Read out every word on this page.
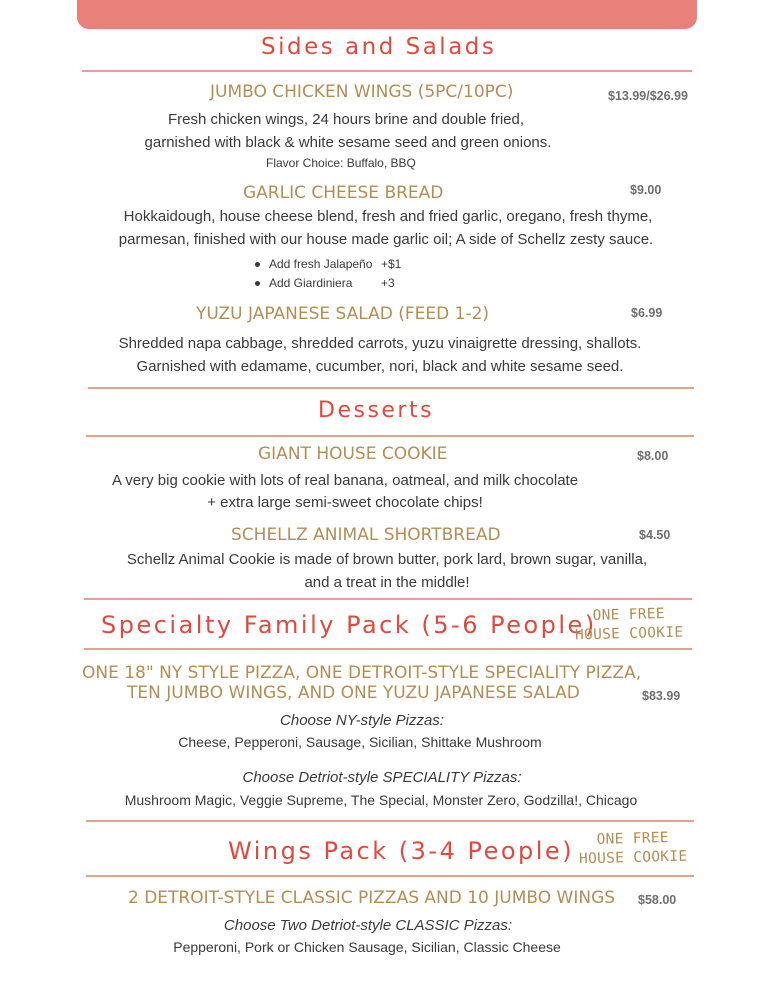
Sides and Salads
JUMBO CHICKEN WINGS (5PC/10PC)	$13.99/$26.99
Fresh chicken wings, 24 hours brine and double fried,
garnished with black & white sesame seed and green onions.
Flavor Choice: Buffalo, BBQ
GARLIC CHEESE BREAD	$9.00
Hokkaidough, house cheese blend, fresh and fried garlic, oregano, fresh thyme,
parmesan, finished with our house made garlic oil; A side of Schellz zesty sauce.
Add fresh Jalapeño +$1
Add Giardiniera +3
YUZU JAPANESE SALAD (FEED 1-2)	$6.99
Shredded napa cabbage, shredded carrots, yuzu vinaigrette dressing, shallots.
Garnished with edamame, cucumber, nori, black and white sesame seed.
Desserts
GIANT HOUSE COOKIE	$8.00
A very big cookie with lots of real banana, oatmeal, and milk chocolate
+ extra large semi-sweet chocolate chips!
SCHELLZ ANIMAL SHORTBREAD	$4.50
Schellz Animal Cookie is made of brown butter, pork lard, brown sugar, vanilla,
and a treat in the middle!
Specialty Family Pack (5-6 People)
ONE FREE
HOUSE COOKIE
ONE 18" NY STYLE PIZZA, ONE DETROIT-STYLE SPECIALITY PIZZA,
TEN JUMBO WINGS, AND ONE YUZU JAPANESE SALAD	$83.99
Choose NY-style Pizzas:
Cheese, Pepperoni, Sausage, Sicilian, Shittake Mushroom
Choose Detriot-style SPECIALITY Pizzas:
Mushroom Magic, Veggie Supreme, The Special, Monster Zero, Godzilla!, Chicago
Wings Pack (3-4 People)	ONE FREE
HOUSE COOKIE
2 DETROIT-STYLE CLASSIC PIZZAS AND 10 JUMBO WINGS $58.00
Choose Two Detriot-style CLASSIC Pizzas:
Pepperoni, Pork or Chicken Sausage, Sicilian, Classic Cheese
